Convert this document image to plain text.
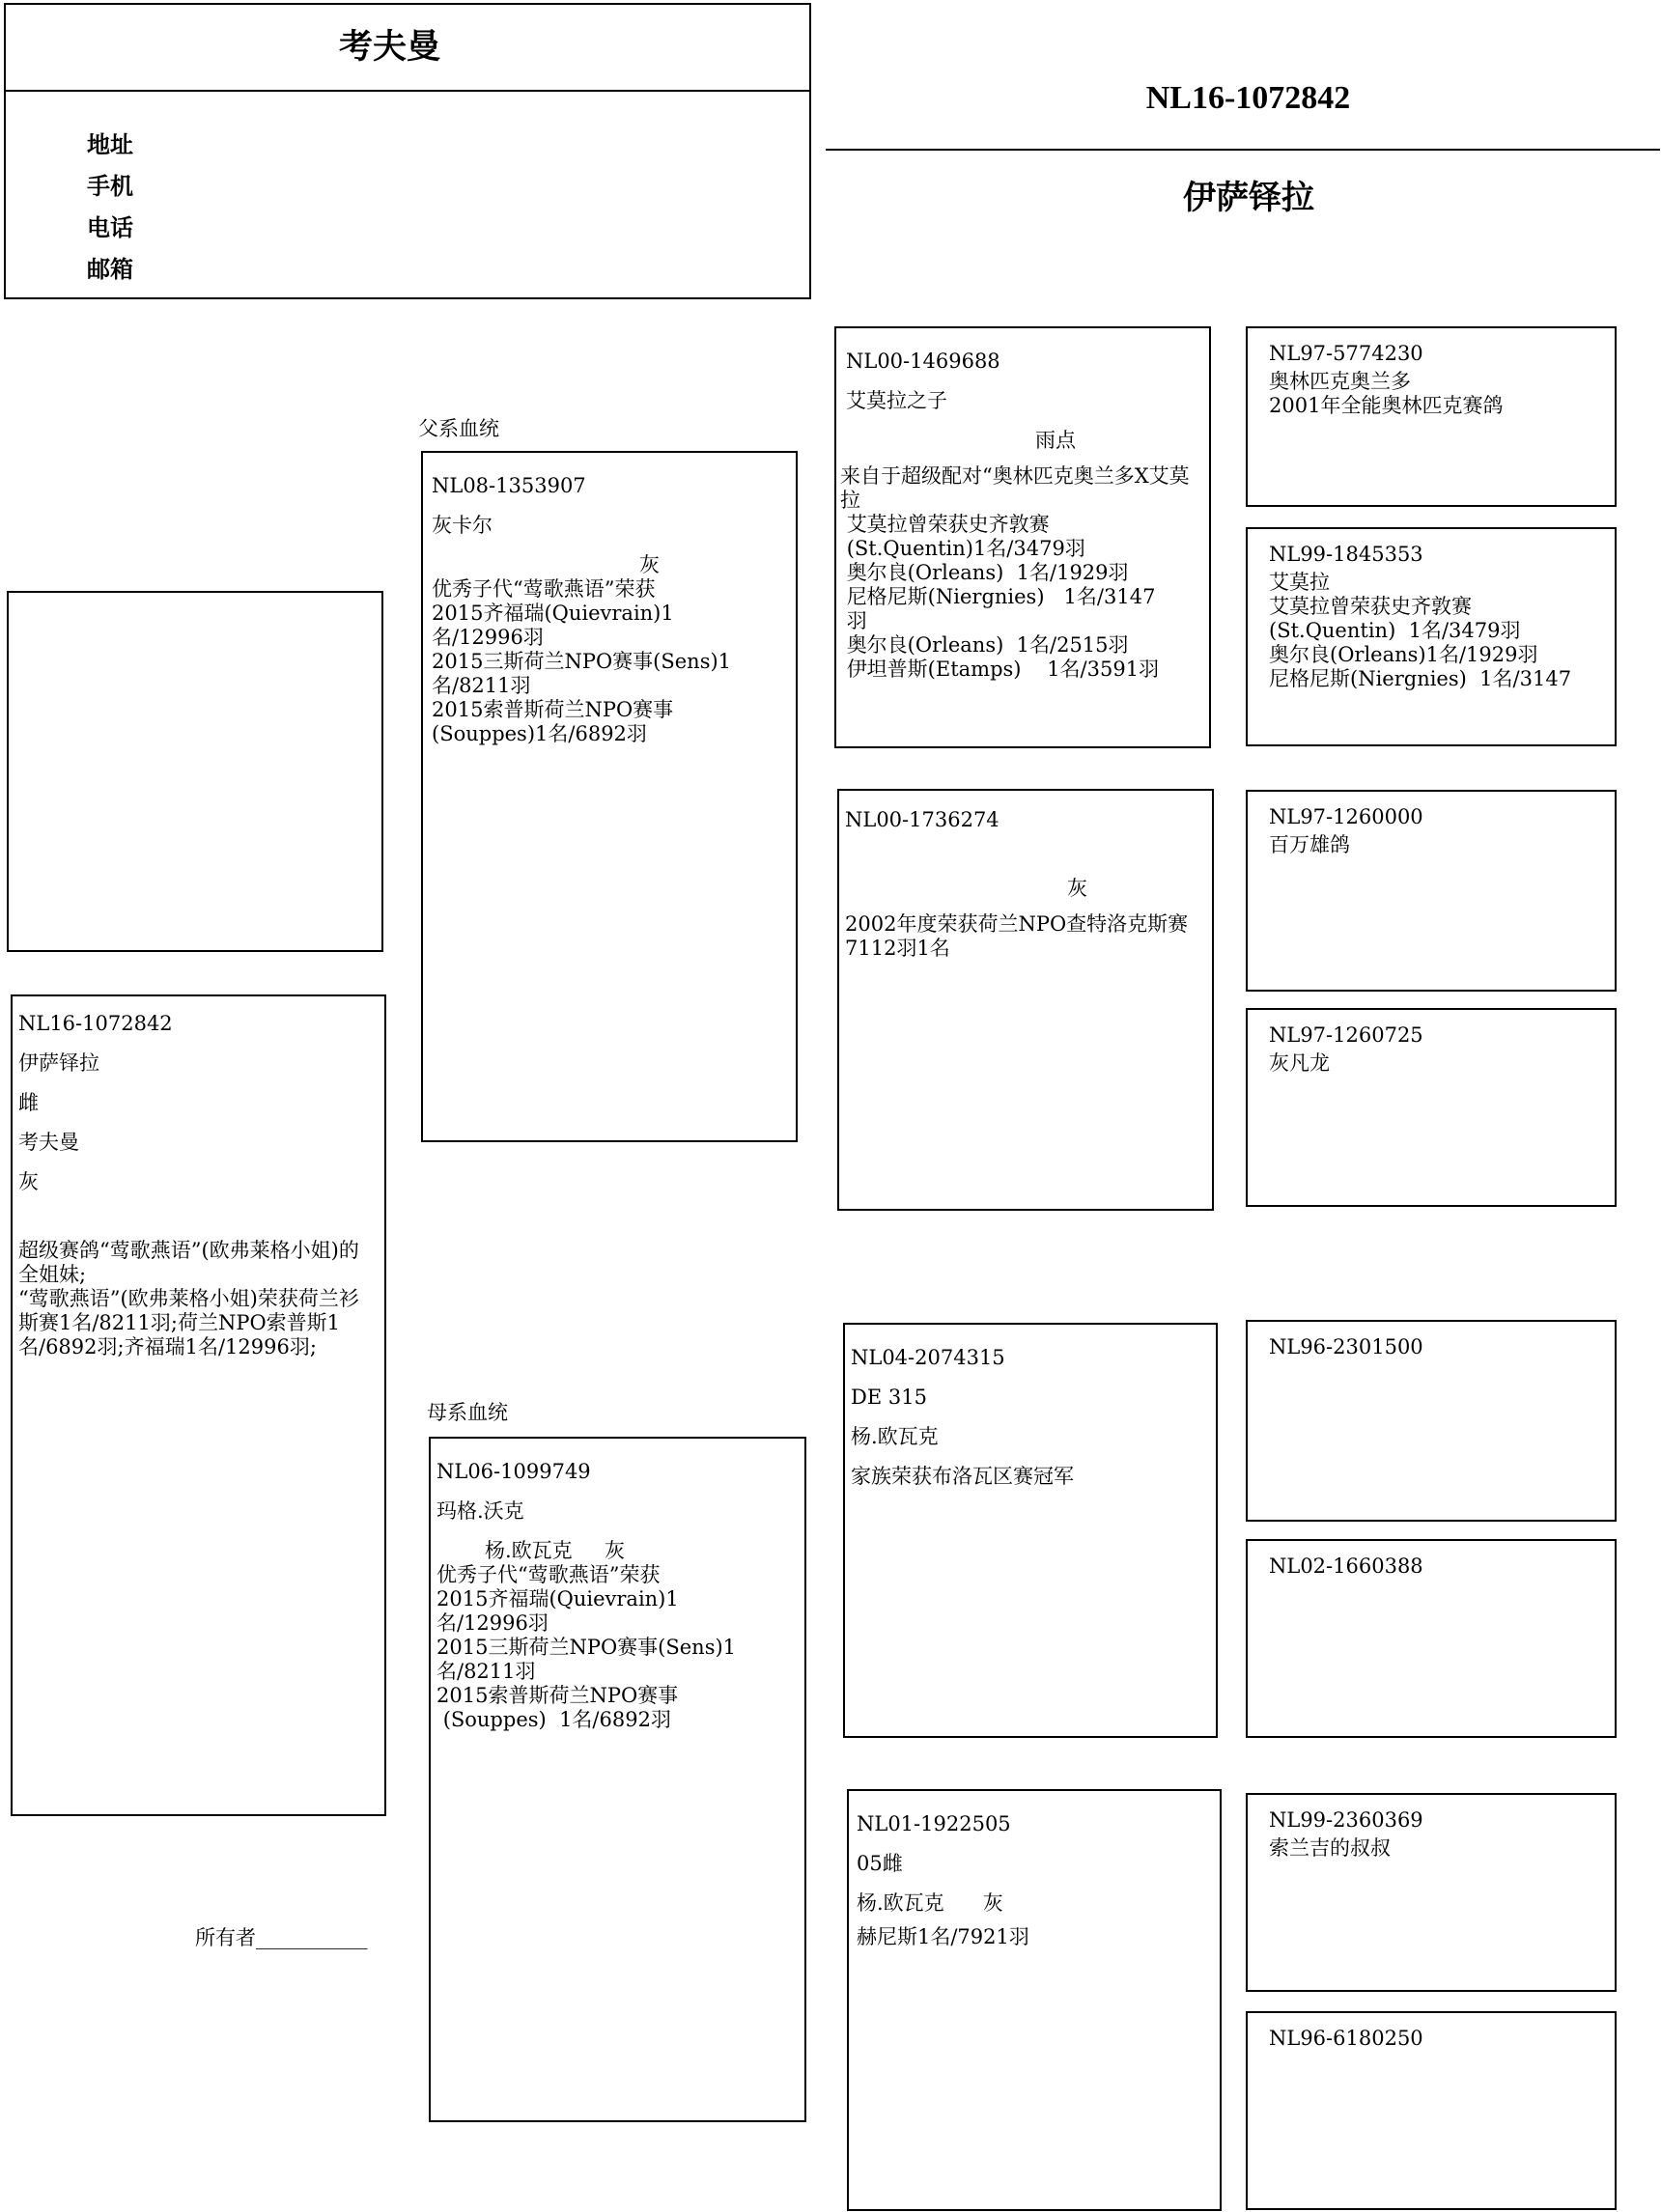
考夫曼
地址
手机
电话
邮箱
NL16-1072842
伊萨铎拉
NL16-1072842
伊萨铎拉
雌
考夫曼
灰
超级赛鸽“莺歌燕语”(欧弗莱格小姐)的全姐妹;
“莺歌燕语”(欧弗莱格小姐)荣获荷兰衫斯赛1名/8211羽;荷兰NPO索普斯1名/6892羽;齐福瑞1名/12996羽;
所有者___________
父系血统
NL08-1353907
灰卡尔
灰
优秀子代“莺歌燕语”荣获
2015齐福瑞(Quievrain)1
名/12996羽
2015三斯荷兰NPO赛事(Sens)1
名/8211羽
2015索普斯荷兰NPO赛事
(Souppes)1名/6892羽
母系血统
NL06-1099749
玛格.沃克
杨.欧瓦克     灰
优秀子代“莺歌燕语”荣获
2015齐福瑞(Quievrain)1
名/12996羽
2015三斯荷兰NPO赛事(Sens)1
名/8211羽
2015索普斯荷兰NPO赛事
(Souppes)  1名/6892羽
NL00-1469688
艾莫拉之子
雨点
来自于超级配对“奥林匹克奥兰多X艾莫拉
艾莫拉曾荣获史齐敦赛
(St.Quentin)1名/3479羽
奥尔良(Orleans)  1名/1929羽
尼格尼斯(Niergnies)   1名/3147
羽
奥尔良(Orleans)  1名/2515羽
伊坦普斯(Etamps)    1名/3591羽
NL00-1736274
灰
2002年度荣获荷兰NPO查特洛克斯赛
7112羽1名
NL04-2074315
DE 315
杨.欧瓦克
家族荣获布洛瓦区赛冠军
NL01-1922505
05雌
杨.欧瓦克      灰
赫尼斯1名/7921羽
NL97-5774230
奥林匹克奥兰多
2001年全能奥林匹克赛鸽
NL99-1845353
艾莫拉
艾莫拉曾荣获史齐敦赛
(St.Quentin)  1名/3479羽
奥尔良(Orleans)1名/1929羽
尼格尼斯(Niergnies)  1名/3147
NL97-1260000
百万雄鸽
NL97-1260725
灰凡龙
NL96-2301500
NL02-1660388
NL99-2360369
索兰吉的叔叔
NL96-6180250
